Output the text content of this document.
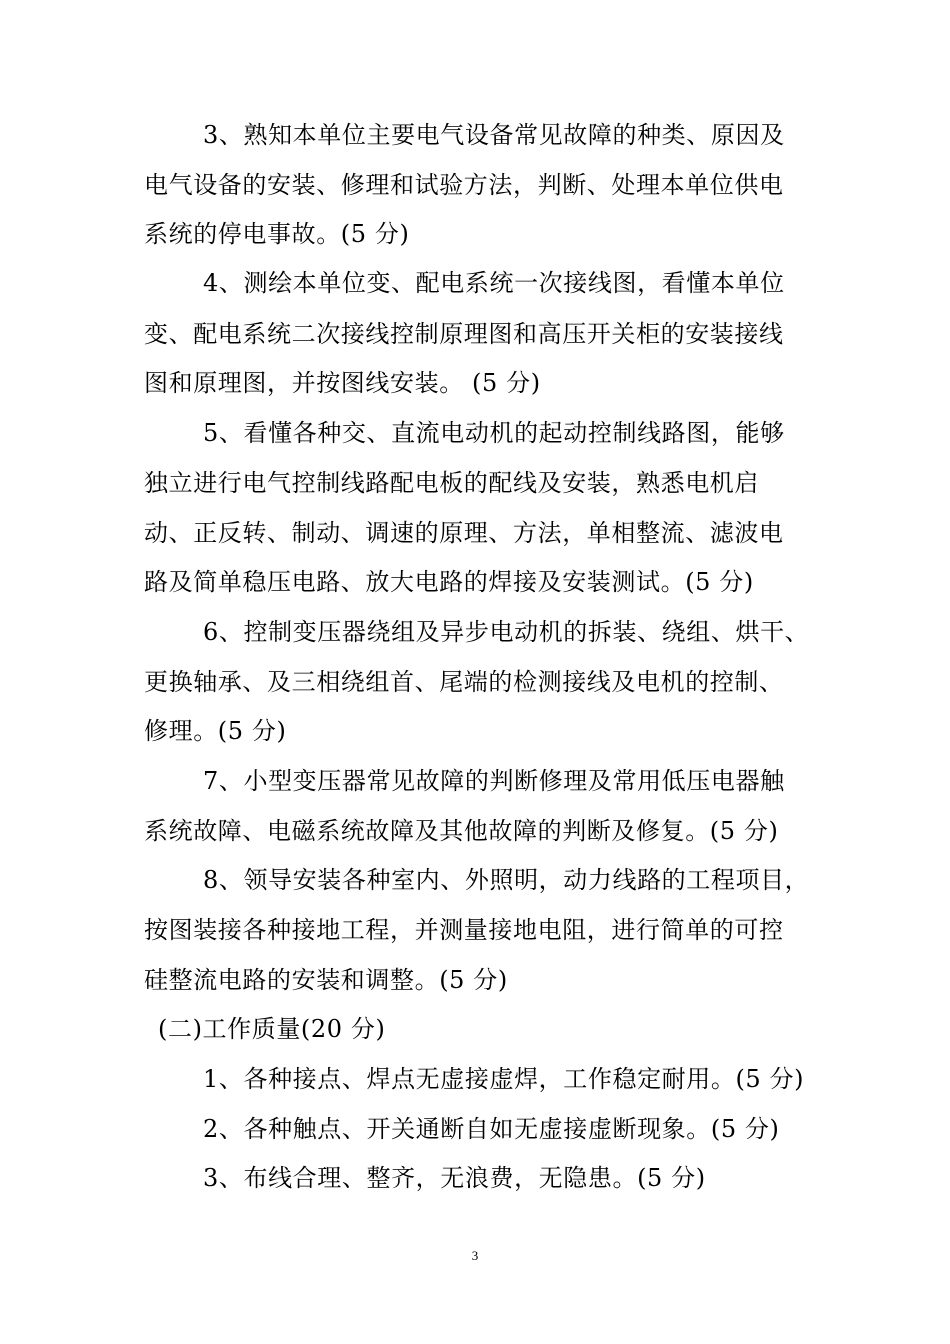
3、熟知本单位主要电气设备常见故障的种类、原因及
电气设备的安装、修理和试验方法，判断、处理本单位供电
系统的停电事故。(5 分)
4、测绘本单位变、配电系统一次接线图，看懂本单位
变、配电系统二次接线控制原理图和高压开关柜的安装接线
图和原理图，并按图线安装。 (5 分)
5、看懂各种交、直流电动机的起动控制线路图，能够
独立进行电气控制线路配电板的配线及安装，熟悉电机启
动、正反转、制动、调速的原理、方法，单相整流、滤波电
路及简单稳压电路、放大电路的焊接及安装测试。(5 分)
6、控制变压器绕组及异步电动机的拆装、绕组、烘干、
更换轴承、及三相绕组首、尾端的检测接线及电机的控制、
修理。(5 分)
7、小型变压器常见故障的判断修理及常用低压电器触
系统故障、电磁系统故障及其他故障的判断及修复。(5 分)
8、领导安装各种室内、外照明，动力线路的工程项目，
按图装接各种接地工程，并测量接地电阻，进行简单的可控
硅整流电路的安装和调整。(5 分)
(二)工作质量(20 分)
1、各种接点、焊点无虚接虚焊，工作稳定耐用。(5 分)
2、各种触点、开关通断自如无虚接虚断现象。(5 分)
3、布线合理、整齐，无浪费，无隐患。(5 分)
3
